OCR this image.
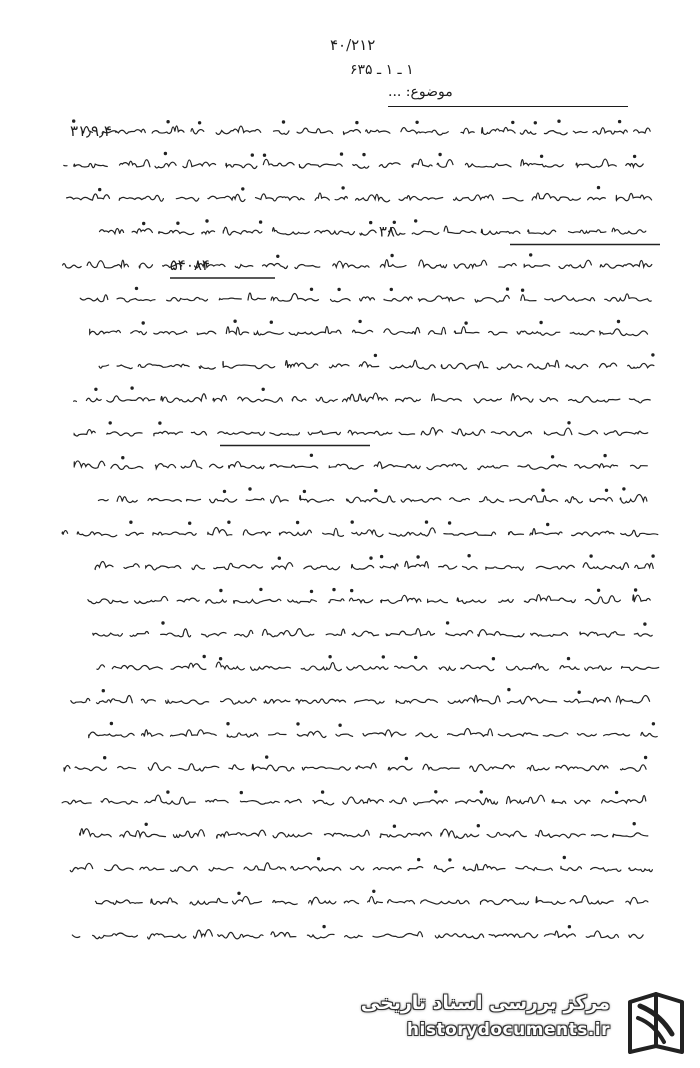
۴۰/۲۱۲
۱ ـ ۱ ـ ۶۳۵
موضوع: ...
۳۸
۵۴۰۸۴
۳۱٫۹٫۴۰
مرکز بررسی اسناد تاریخی
historydocuments.ir
